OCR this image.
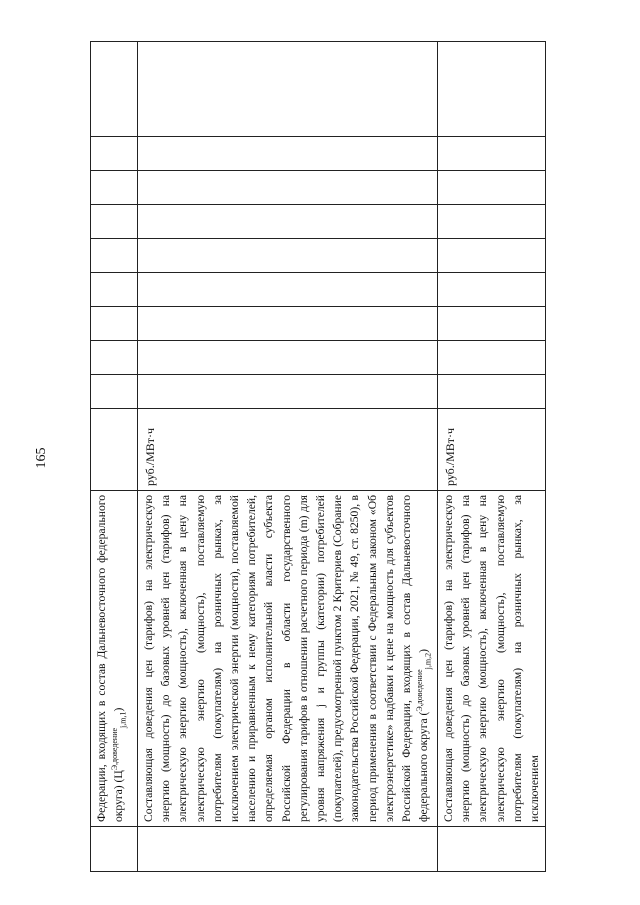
165
	Федерации, входящих в состав Дальневосточного федерального округа) $(Ц^{Э,доведение}_{j,m,1})$										
	Составляющая доведения цен (тарифов) на электрическую энергию (мощность) до базовых уровней цен (тарифов) на электрическую энергию (мощность), включенная в цену на электрическую энергию (мощность), поставляемую потребителям (покупателям) на розничных рынках, за исключением электрической энергии (мощности), поставляемой населению и приравненным к нему категориям потребителей, определяемая органом исполнительной власти субъекта Российской Федерации в области государственного регулирования тарифов в отношении расчетного периода (m) для уровня напряжения j и группы (категории) потребителей (покупателей), предусмотренной пунктом 2 Критериев (Собрание законодательства Российской Федерации, 2021, № 49, ст. 8250), в период применения в соответствии с Федеральным законом «Об электроэнергетике» надбавки к цене на мощность для субъектов Российской Федерации, входящих в состав Дальневосточного федерального округа ($^{Э,доведение}_{j,m,2}$)	руб./МВт·ч									
	Составляющая доведения цен (тарифов) на электрическую энергию (мощность) до базовых уровней цен (тарифов) на электрическую энергию (мощность), включенная в цену на электрическую энергию (мощность), поставляемую потребителям (покупателям) на розничных рынках, за исключением	руб./МВт·ч									
